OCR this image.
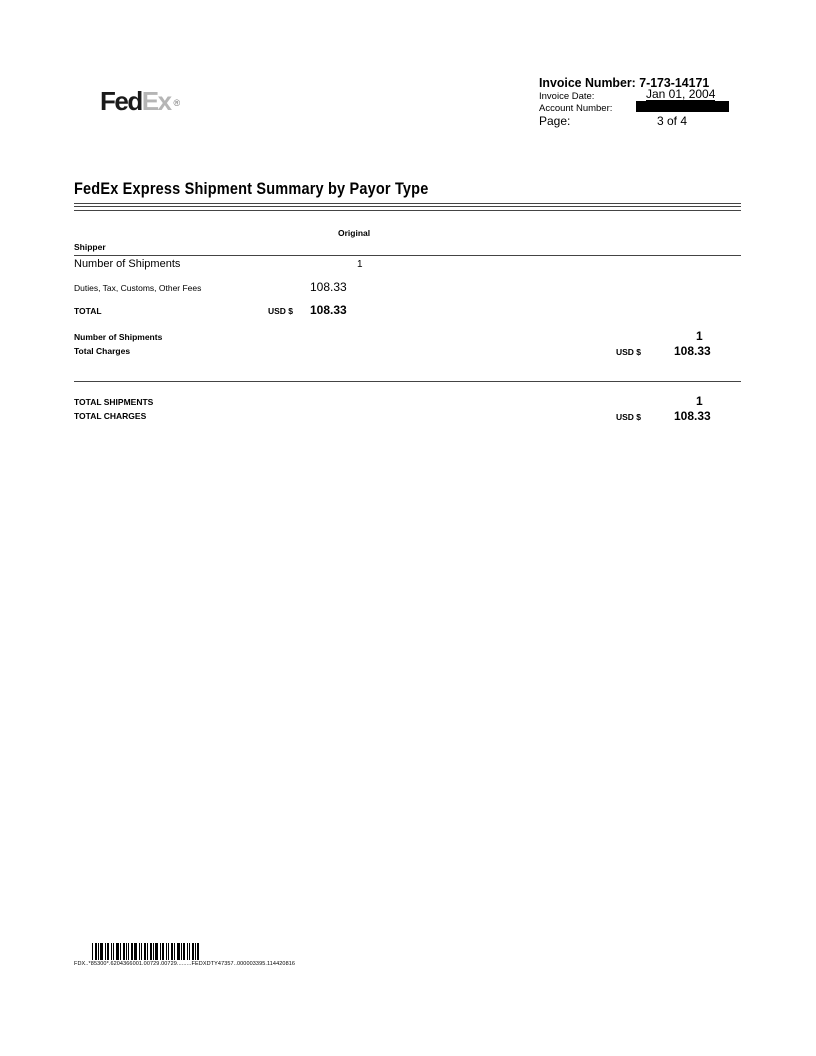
FedEx ®
Invoice Number: 7-173-14171
Invoice Date:	Jan 01, 2004
Account Number:
Page:	3 of 4
FedEx Express Shipment Summary by Payor Type
Original
Shipper
Number of Shipments	1
Duties, Tax, Customs, Other Fees	108.33
TOTAL	USD $ 108.33
Number of Shipments	1
Total Charges	USD $	108.33
TOTAL SHIPMENTS	1
TOTAL CHARGES	USD $	108.33
FDX..*85300*.6204366001.00729.00729.........FEDXDTY47357..000003395.114420816
